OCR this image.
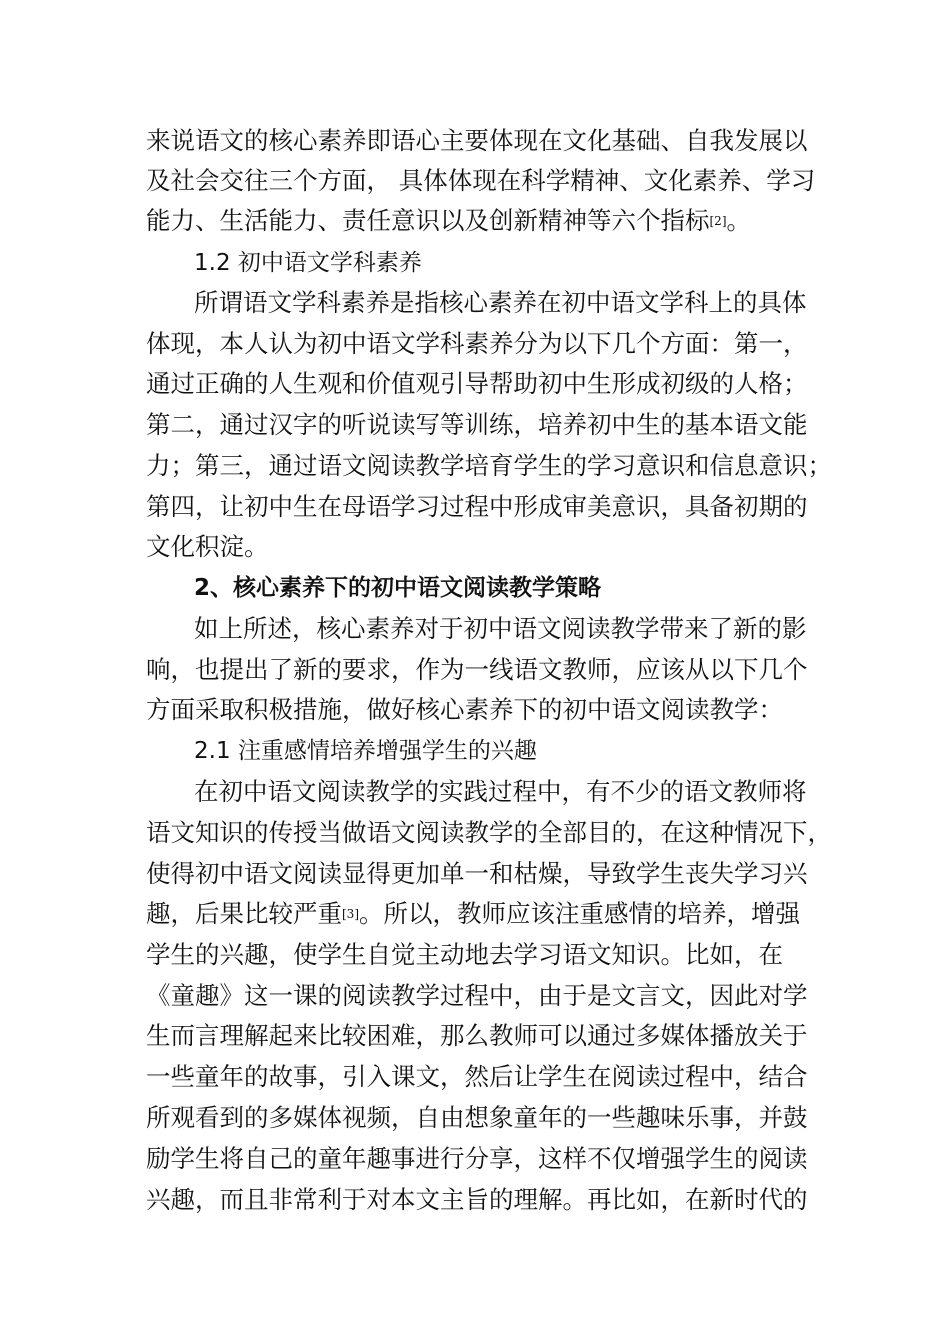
来说语文的核心素养即语心主要体现在文化基础、自我发展以

及社会交往三个方面， 具体体现在科学精神、文化素养、学习

能力、生活能力、责任意识以及创新精神等六个指标[2]。

1.2 初中语文学科素养

所谓语文学科素养是指核心素养在初中语文学科上的具体

体现，本人认为初中语文学科素养分为以下几个方面：第一，

通过正确的人生观和价值观引导帮助初中生形成初级的人格；

第二，通过汉字的听说读写等训练，培养初中生的基本语文能

力；第三，通过语文阅读教学培育学生的学习意识和信息意识；

第四，让初中生在母语学习过程中形成审美意识，具备初期的

文化积淀。

2、核心素养下的初中语文阅读教学策略

如上所述，核心素养对于初中语文阅读教学带来了新的影

响，也提出了新的要求，作为一线语文教师，应该从以下几个

方面采取积极措施，做好核心素养下的初中语文阅读教学：

2.1 注重感情培养增强学生的兴趣

在初中语文阅读教学的实践过程中，有不少的语文教师将

语文知识的传授当做语文阅读教学的全部目的，在这种情况下，

使得初中语文阅读显得更加单一和枯燥，导致学生丧失学习兴

趣，后果比较严重[3]。所以，教师应该注重感情的培养，增强

学生的兴趣，使学生自觉主动地去学习语文知识。比如，在

《童趣》这一课的阅读教学过程中，由于是文言文，因此对学

生而言理解起来比较困难，那么教师可以通过多媒体播放关于

一些童年的故事，引入课文，然后让学生在阅读过程中，结合

所观看到的多媒体视频，自由想象童年的一些趣味乐事，并鼓

励学生将自己的童年趣事进行分享，这样不仅增强学生的阅读

兴趣，而且非常利于对本文主旨的理解。再比如，在新时代的
